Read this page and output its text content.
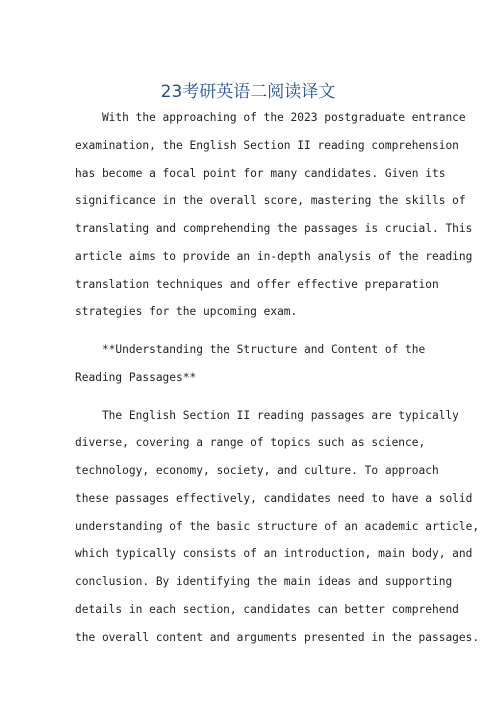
23考研英语二阅读译文
With the approaching of the 2023 postgraduate entrance
examination, the English Section II reading comprehension
has become a focal point for many candidates. Given its
significance in the overall score, mastering the skills of
translating and comprehending the passages is crucial. This
article aims to provide an in-depth analysis of the reading
translation techniques and offer effective preparation
strategies for the upcoming exam.
**Understanding the Structure and Content of the
Reading Passages**
The English Section II reading passages are typically
diverse, covering a range of topics such as science,
technology, economy, society, and culture. To approach
these passages effectively, candidates need to have a solid
understanding of the basic structure of an academic article,
which typically consists of an introduction, main body, and
conclusion. By identifying the main ideas and supporting
details in each section, candidates can better comprehend
the overall content and arguments presented in the passages.
